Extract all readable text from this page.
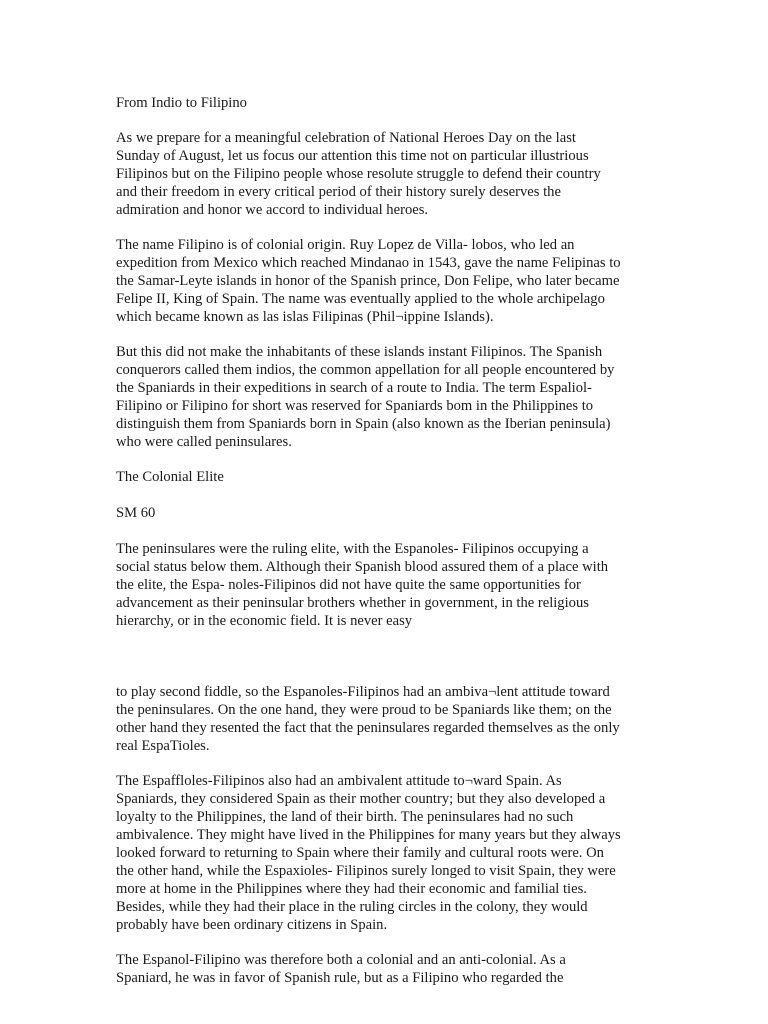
From Indio to Filipino
As we prepare for a meaningful celebration of National Heroes Day on the last
Sunday of August, let us focus our attention this time not on particular illustrious
Filipinos but on the Filipino people whose resolute struggle to defend their country
and their freedom in every critical period of their history surely deserves the
admiration and honor we accord to individual heroes.
The name Filipino is of colonial origin. Ruy Lopez de Villa- lobos, who led an
expedition from Mexico which reached Mindanao in 1543, gave the name Felipinas to
the Samar-Leyte islands in honor of the Spanish prince, Don Felipe, who later became
Felipe II, King of Spain. The name was eventually applied to the whole archipelago
which became known as las islas Filipinas (Phil¬ippine Islands).
But this did not make the inhabitants of these islands instant Filipinos. The Spanish
conquerors called them indios, the common appellation for all people encountered by
the Spaniards in their expeditions in search of a route to India. The term Espaliol-
Filipino or Filipino for short was reserved for Spaniards bom in the Philippines to
distinguish them from Spaniards born in Spain (also known as the Iberian peninsula)
who were called peninsulares.
The Colonial Elite
SM 60
The peninsulares were the ruling elite, with the Espanoles- Filipinos occupying a
social status below them. Although their Spanish blood assured them of a place with
the elite, the Espa- noles-Filipinos did not have quite the same opportunities for
advancement as their peninsular brothers whether in government, in the religious
hierarchy, or in the economic field. It is never easy
to play second fiddle, so the Espanoles-Filipinos had an ambiva¬lent attitude toward
the peninsulares. On the one hand, they were proud to be Spaniards like them; on the
other hand they resented the fact that the peninsulares regarded themselves as the only
real EspaTioles.
The Espaffloles-Filipinos also had an ambivalent attitude to¬ward Spain. As
Spaniards, they considered Spain as their mother country; but they also developed a
loyalty to the Philippines, the land of their birth. The peninsulares had no such
ambivalence. They might have lived in the Philippines for many years but they always
looked forward to returning to Spain where their family and cultural roots were. On
the other hand, while the Espaxioles- Filipinos surely longed to visit Spain, they were
more at home in the Philippines where they had their economic and familial ties.
Besides, while they had their place in the ruling circles in the colony, they would
probably have been ordinary citizens in Spain.
The Espanol-Filipino was therefore both a colonial and an anti-colonial. As a
Spaniard, he was in favor of Spanish rule, but as a Filipino who regarded the
